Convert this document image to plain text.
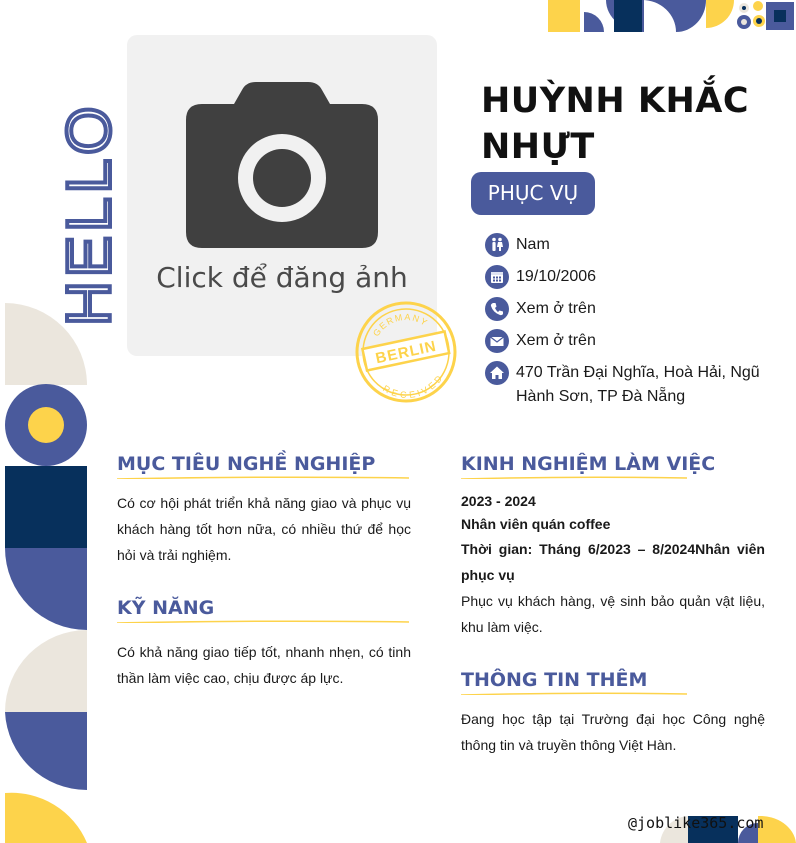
HELLO	Click để đăng ảnh
BERLIN
GERMANY
RECEIVED
HUỲNH KHẮC NHỰT
PHỤC VỤ
Nam
19/10/2006
Xem ở trên
Xem ở trên
470 Trần Đại Nghĩa, Hoà Hải, Ngũ Hành Sơn, TP Đà Nẵng
MỤC TIÊU NGHỀ NGHIỆP
Có cơ hội phát triển khả năng giao và phục vụ khách hàng tốt hơn nữa, có nhiều thứ để học hỏi và trải nghiệm.
KỸ NĂNG
Có khả năng giao tiếp tốt, nhanh nhẹn, có tinh thần làm việc cao, chịu được áp lực.
KINH NGHIỆM LÀM VIỆC
2023 - 2024
Nhân viên quán coffee
Thời gian: Tháng 6/2023 – 8/2024Nhân viên phục vụ
Phục vụ khách hàng, vệ sinh bảo quản vật liệu, khu làm việc.
THÔNG TIN THÊM
Đang học tập tại Trường đại học Công nghệ thông tin và truyền thông Việt Hàn.
@joblike365.com
